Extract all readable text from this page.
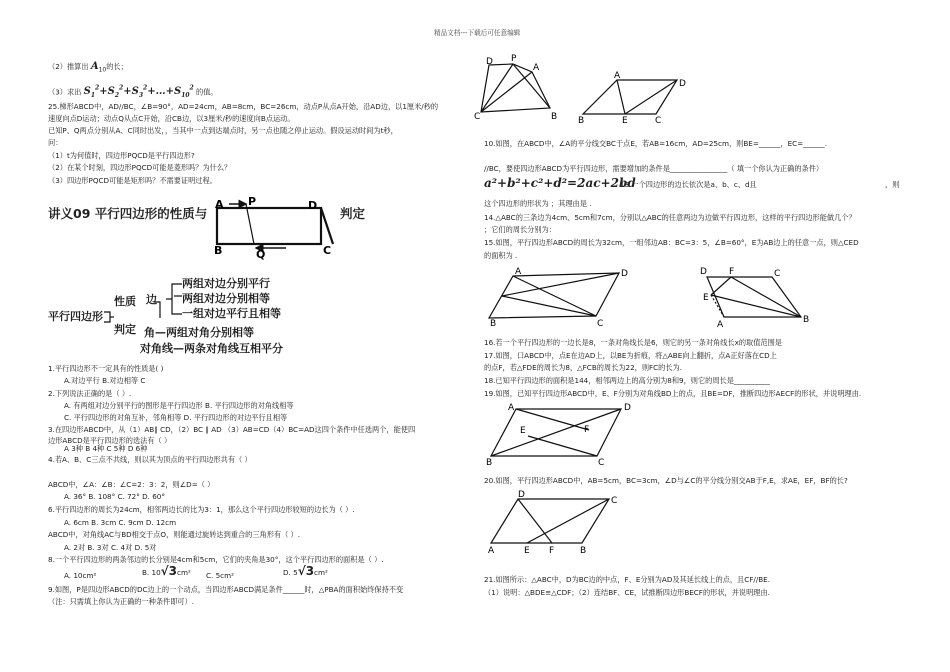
精品文档---下载后可任意编辑
（2）推算出 $A_{10}$的长；
（3）求出 $S_1^2+S_2^2+S_3^2+\dots+S_{10}^2$ 的值。
25.梯形ABCD中，AD//BC，∠B=90°，AD=24cm，AB=8cm，BC=26cm，动点P从点A开始，沿AD边，以1厘米/秒的
速度向点D运动；动点Q从点C开始，沿CB边，以3厘米/秒的速度向B点运动。
已知P、Q两点分别从A、C同时出发，，当其中一点到达端点时，另一点也随之停止运动。假设运动时间为t秒，
问：
（1）t为何值时，四边形PQCD是平行四边形?
（2）在某个时刻，四边形PQCD可能是菱形吗？为什么？
（3）四边形PQCD可能是矩形吗？不需要证明过程。
讲义09 平行四边形的性质与	判定
A P	D
B	Q	C
D P
A
C	B
A
D
B	E	C
A	D
B	C
D F	C
E
A	B
A
E
D
F
B	C
D
C
A	E F	B
平行四边形
性质
判定
边
两组对边分别平行
两组对边分别相等
一组对边平行且相等
角—两组对角分别相等
对角线—两条对角线互相平分
1.平行四边形不一定具有的性质是( )
A.对边平行 B.对边相等 C
2.下列说法正确的是（ ）.
A. 有两组对边分别平行的图形是平行四边形 B. 平行四边形的对角线相等
C. 平行四边形的对角互补，邻角相等 D. 平行四边形的对边平行且相等
3.在四边形ABCD中，从（1）AB∥ CD，（2）BC ∥ AD （3）AB=CD（4）BC=AD这四个条件中任选两个，能使四
边形ABCD是平行四边形的选法有（ ）
A 3种 B 4种 C 5种 D 6种
4.若A、B、C三点不共线，则以其为顶点的平行四边形共有（ ）
ABCD中，∠A：∠B：∠C=2：3：2，则∠D=（ ）
A. 36° B. 108° C. 72° D. 60°
6.平行四边形的周长为24cm，相邻两边长的比为3：1，那么这个平行四边形较短的边长为（ ）.
A. 6cm B. 3cm C. 9cm D. 12cm
ABCD中，对角线AC与BD相交于点O，则能通过旋转达到重合的三角形有（ ）.
A. 2对 B. 3对 C. 4对 D. 5对
8.一个平行四边形的两条邻边的长分别是4cm和5cm，它们的夹角是30°，这个平行四边形的面积是（ ）.
A. 10cm²	B. 10√3cm² C. 5cm²	D. 5√3cm²
9.如图，P是四边形ABCD的DC边上的一个动点，当四边形ABCD满足条件______时，△PBA的面积始终保持不变
（注：只需填上你认为正确的一种条件即可）.
10.如图，在ABCD中，∠A的平分线交BC于点E，若AB=16cm，AD=25cm，则BE=______，EC=______.
//BC，要使四边形ABCD为平行四边形，需要增加的条件是________________（ 填一个你认为正确的条件）
a²+b²+c²+d²=2ac+2bd
13.一个四边形的边长依次是a、b、c、d且	，则
这个四边形的形状为 ；其理由是 .
14.△ABC的三条边为4cm、5cm和7cm，分别以△ABC的任意两边为边做平行四边形，这样的平行四边形能做几个？
；它们的周长分别为：
15.如图，平行四边形ABCD的周长为32cm，一组邻边AB：BC=3：5，∠B=60°，E为AB边上的任意一点，则△CED
的面积为 .
16.若一个平行四边形的一边长是8，一条对角线长是6，则它的另一条对角线长x的取值范围是
17.如图，口ABCD中，点E在边AD上，以BE为折痕，将△ABE向上翻折，点A正好落在CD上
的点F，若△FDE的周长为8，△FCB的周长为22，则FC的长为.
18.已知平行四边形的面积是144，相邻两边上的高分别为8和9，则它的周长是__________
19.如图，已知平行四边形ABCD中，E、F分别为对角线BD上的点，且BE=DF，推断四边形AECF的形状，并说明理由.
20.如图，平行四边形ABCD中，AB=5cm，BC=3cm，∠D与∠C的平分线分别交AB于F,E，求AE，EF，BF的长?
21.如图所示：△ABC中，D为BC边的中点，F、E分别为AD及其延长线上的点，且CF//BE.
（1）说明：△BDE≌△CDF；（2）连结BF、CE，试推断四边形BECF的形状，并说明理由.
